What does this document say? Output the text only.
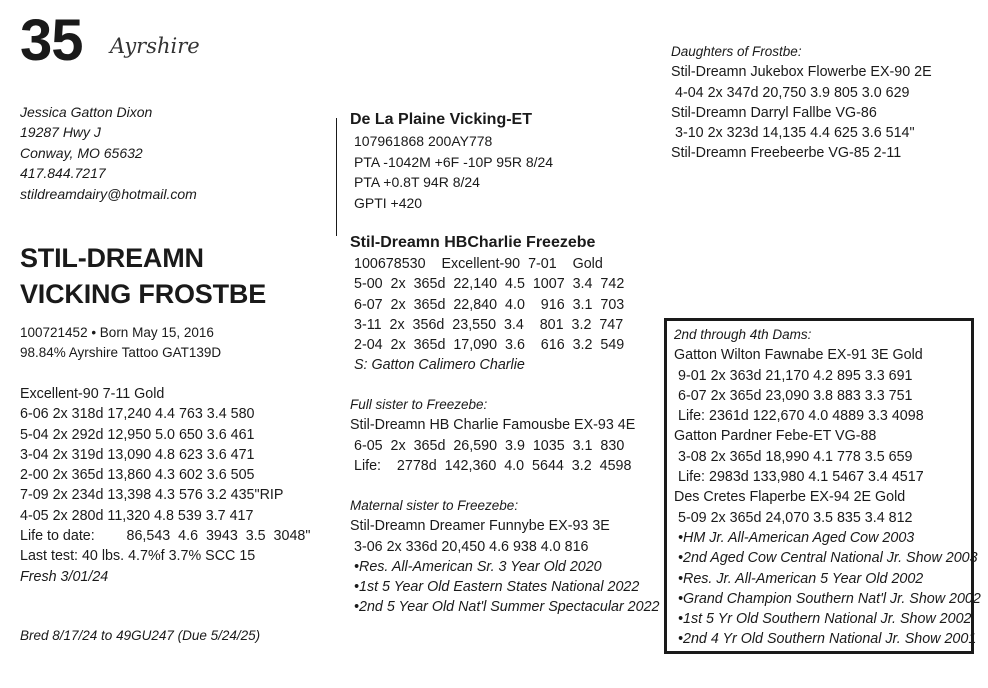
35 Ayrshire
Jessica Gatton Dixon
19287 Hwy J
Conway, MO 65632
417.844.7217
stildreamdairy@hotmail.com
STIL-DREAMN
VICKING FROSTBE
100721452 • Born May 15, 2016
98.84% Ayrshire Tattoo GAT139D
Excellent-90 7-11 Gold
6-06 2x 318d 17,240 4.4 763 3.4 580
5-04 2x 292d 12,950 5.0 650 3.6 461
3-04 2x 319d 13,090 4.8 623 3.6 471
2-00 2x 365d 13,860 4.3 602 3.6 505
7-09 2x 234d 13,398 4.3 576 3.2 435"RIP
4-05 2x 280d 11,320 4.8 539 3.7 417
Life to date:        86,543  4.6  3943  3.5  3048"
Last test: 40 lbs. 4.7%f 3.7% SCC 15
Fresh 3/01/24
Bred 8/17/24 to 49GU247 (Due 5/24/25)
De La Plaine Vicking-ET
107961868 200AY778
PTA -1042M +6F -10P 95R 8/24
PTA +0.8T 94R 8/24
GPTI +420
Stil-Dreamn HBCharlie Freezebe
100678530    Excellent-90  7-01    Gold
5-00  2x  365d  22,140  4.5  1007  3.4  742
6-07  2x  365d  22,840  4.0    916  3.1  703
3-11  2x  356d  23,550  3.4    801  3.2  747
2-04  2x  365d  17,090  3.6    616  3.2  549
S: Gatton Calimero Charlie
Full sister to Freezebe:
Stil-Dreamn HB Charlie Famousbe EX-93 4E
6-05  2x  365d  26,590  3.9  1035  3.1  830
Life:    2778d  142,360  4.0  5644  3.2  4598
Maternal sister to Freezebe:
Stil-Dreamn Dreamer Funnybe EX-93 3E
3-06 2x 336d 20,450 4.6 938 4.0 816
•Res. All-American Sr. 3 Year Old 2020
•1st 5 Year Old Eastern States National 2022
•2nd 5 Year Old Nat'l Summer Spectacular 2022
Daughters of Frostbe:
Stil-Dreamn Jukebox Flowerbe EX-90 2E
4-04 2x 347d 20,750 3.9 805 3.0 629
Stil-Dreamn Darryl Fallbe VG-86
3-10 2x 323d 14,135 4.4 625 3.6 514"
Stil-Dreamn Freebeerbe VG-85 2-11
2nd through 4th Dams:
Gatton Wilton Fawnabe EX-91 3E Gold
9-01 2x 363d 21,170 4.2 895 3.3 691
6-07 2x 365d 23,090 3.8 883 3.3 751
Life: 2361d 122,670 4.0 4889 3.3 4098
Gatton Pardner Febe-ET VG-88
3-08 2x 365d 18,990 4.1 778 3.5 659
Life: 2983d 133,980 4.1 5467 3.4 4517
Des Cretes Flaperbe EX-94 2E Gold
5-09 2x 365d 24,070 3.5 835 3.4 812
•HM Jr. All-American Aged Cow 2003
•2nd Aged Cow Central National Jr. Show 2003
•Res. Jr. All-American 5 Year Old 2002
•Grand Champion Southern Nat'l Jr. Show 2002
•1st 5 Yr Old Southern National Jr. Show 2002
•2nd 4 Yr Old Southern National Jr. Show 2001
